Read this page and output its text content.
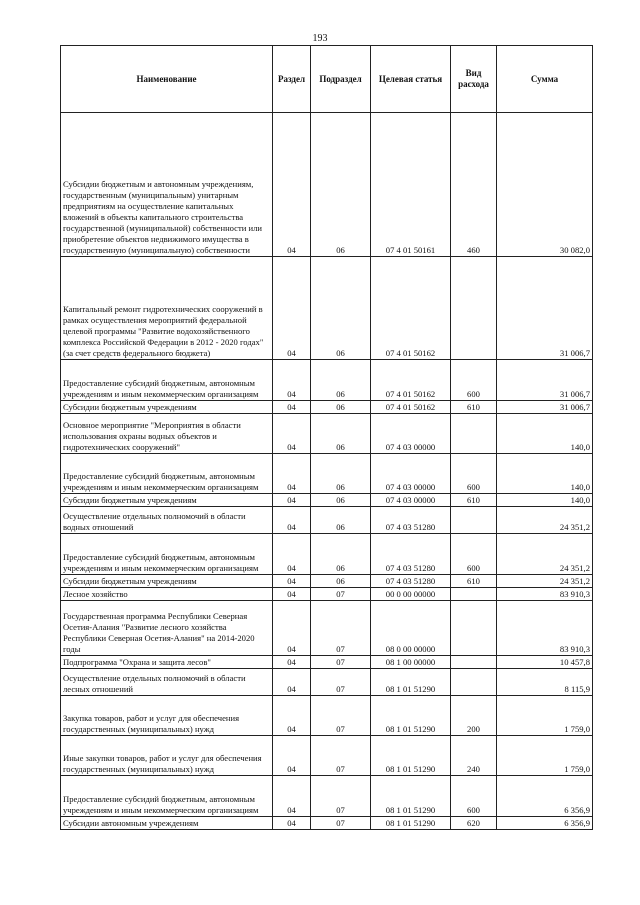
193
Наименование	Раздел	Подраздел	Целевая статья	Вид расхода	Сумма
Субсидии бюджетным и автономным учреждениям, государственным (муниципальным) унитарным предприятиям на осуществление капитальных вложений в объекты капитального строительства государственной (муниципальной) собственности или приобретение объектов недвижимого имущества в государственную (муниципальную) собственности	04	06	07 4 01 50161	460	30 082,0
Капитальный ремонт гидротехнических сооружений в рамках осуществления мероприятий федеральной целевой программы "Развитие водохозяйственного комплекса Российской Федерации в 2012 - 2020 годах" (за счет средств федерального бюджета)	04	06	07 4 01 50162		31 006,7
Предоставление субсидий бюджетным, автономным учреждениям и иным некоммерческим организациям	04	06	07 4 01 50162	600	31 006,7
Субсидии бюджетным учреждениям	04	06	07 4 01 50162	610	31 006,7
Основное мероприятие "Мероприятия в области использования охраны водных объектов и гидротехнических сооружений"	04	06	07 4 03 00000		140,0
Предоставление субсидий бюджетным, автономным учреждениям и иным некоммерческим организациям	04	06	07 4 03 00000	600	140,0
Субсидии бюджетным учреждениям	04	06	07 4 03 00000	610	140,0
Осуществление отдельных полномочий в области водных отношений	04	06	07 4 03 51280		24 351,2
Предоставление субсидий бюджетным, автономным учреждениям и иным некоммерческим организациям	04	06	07 4 03 51280	600	24 351,2
Субсидии бюджетным учреждениям	04	06	07 4 03 51280	610	24 351,2
Лесное хозяйство	04	07	00 0 00 00000		83 910,3
Государственная программа Республики Северная Осетия-Алания "Развитие лесного хозяйства Республики Северная Осетия-Алания" на 2014-2020 годы	04	07	08 0 00 00000		83 910,3
Подпрограмма "Охрана и защита лесов"	04	07	08 1 00 00000		10 457,8
Осуществление отдельных полномочий в области лесных отношений	04	07	08 1 01 51290		8 115,9
Закупка товаров, работ и услуг для обеспечения государственных (муниципальных) нужд	04	07	08 1 01 51290	200	1 759,0
Иные закупки товаров, работ и услуг для обеспечения государственных (муниципальных) нужд	04	07	08 1 01 51290	240	1 759,0
Предоставление субсидий бюджетным, автономным учреждениям и иным некоммерческим организациям	04	07	08 1 01 51290	600	6 356,9
Субсидии автономным учреждениям	04	07	08 1 01 51290	620	6 356,9
